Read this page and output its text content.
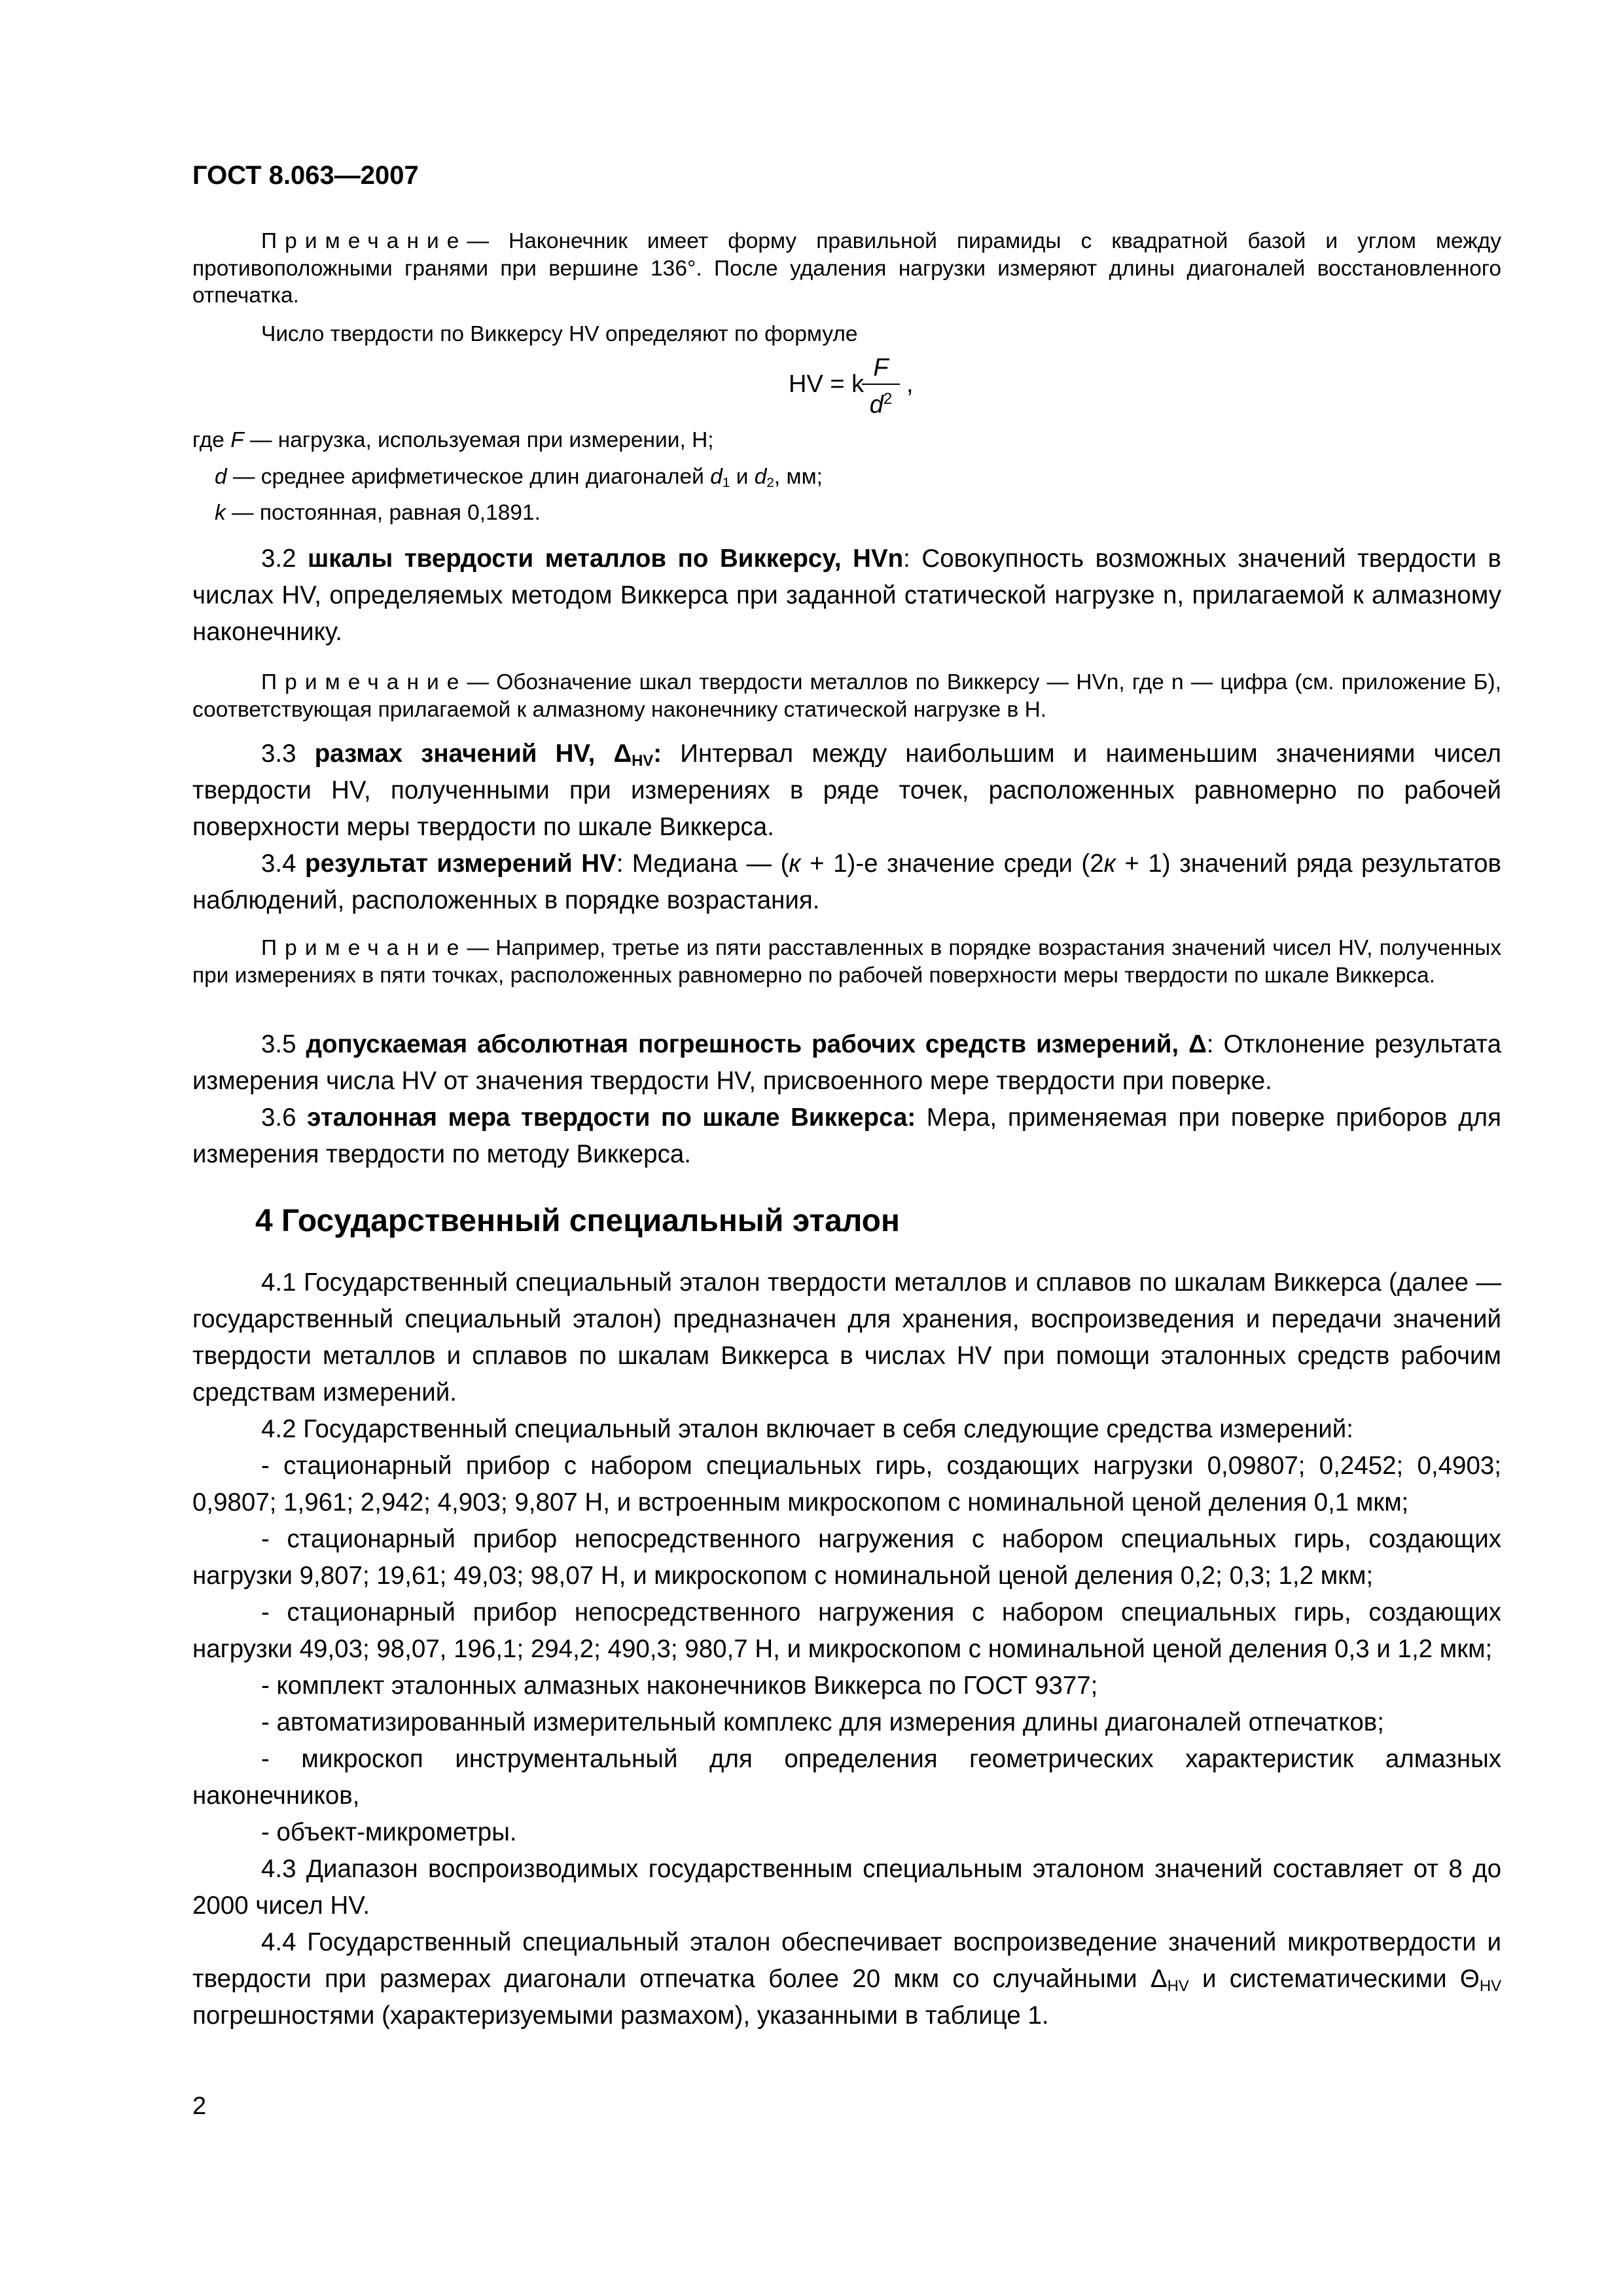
ГОСТ 8.063—2007

Примечание— Наконечник имеет форму правильной пирамиды с квадратной базой и углом между противоположными гранями при вершине 136°. После удаления нагрузки измеряют длины диагоналей восстановленного отпечатка.

Число твердости по Виккерсу HV определяют по формуле

HV = k
F
$d^2$
,

где F — нагрузка, используемая при измерении, Н;

d — среднее арифметическое длин диагоналей $d_1$ и $d_2$, мм;

k — постоянная, равная 0,1891.

3.2 шкалы твердости металлов по Виккерсу, HVn: Совокупность возможных значений твердости в числах HV, определяемых методом Виккерса при заданной статической нагрузке n, прилагаемой к алмазному наконечнику.

Примечание— Обозначение шкал твердости металлов по Виккерсу — HVn, где n — цифра (см. приложение Б), соответствующая прилагаемой к алмазному наконечнику статической нагрузке в Н.

3.3 размах значений HV, $\Delta_{HV}$: Интервал между наибольшим и наименьшим значениями чисел твердости HV, полученными при измерениях в ряде точек, расположенных равномерно по рабочей поверхности меры твердости по шкале Виккерса.

3.4 результат измерений HV: Медиана — (к + 1)-е значение среди (2к + 1) значений ряда результатов наблюдений, расположенных в порядке возрастания.

Примечание— Например, третье из пяти расставленных в порядке возрастания значений чисел HV, полученных при измерениях в пяти точках, расположенных равномерно по рабочей поверхности меры твердости по шкале Виккерса.

3.5 допускаемая абсолютная погрешность рабочих средств измерений, Δ: Отклонение результата измерения числа HV от значения твердости HV, присвоенного мере твердости при поверке.

3.6 эталонная мера твердости по шкале Виккерса: Мера, применяемая при поверке приборов для измерения твердости по методу Виккерса.

4 Государственный специальный эталон

4.1 Государственный специальный эталон твердости металлов и сплавов по шкалам Виккерса (далее — государственный специальный эталон) предназначен для хранения, воспроизведения и передачи значений твердости металлов и сплавов по шкалам Виккерса в числах HV при помощи эталонных средств рабочим средствам измерений.

4.2 Государственный специальный эталон включает в себя следующие средства измерений:

- стационарный прибор с набором специальных гирь, создающих нагрузки 0,09807; 0,2452; 0,4903; 0,9807; 1,961; 2,942; 4,903; 9,807 Н, и встроенным микроскопом с номинальной ценой деления 0,1 мкм;

- стационарный прибор непосредственного нагружения с набором специальных гирь, создающих нагрузки 9,807; 19,61; 49,03; 98,07 Н, и микроскопом с номинальной ценой деления 0,2; 0,3; 1,2 мкм;

- стационарный прибор непосредственного нагружения с набором специальных гирь, создающих нагрузки 49,03; 98,07, 196,1; 294,2; 490,3; 980,7 Н, и микроскопом с номинальной ценой деления 0,3 и 1,2 мкм;

- комплект эталонных алмазных наконечников Виккерса по ГОСТ 9377;

- автоматизированный измерительный комплекс для измерения длины диагоналей отпечатков;

- микроскоп инструментальный для определения геометрических характеристик алмазных наконечников,

- объект-микрометры.

4.3 Диапазон воспроизводимых государственным специальным эталоном значений составляет от 8 до 2000 чисел HV.

4.4 Государственный специальный эталон обеспечивает воспроизведение значений микротвердости и твердости при размерах диагонали отпечатка более 20 мкм со случайными $\Delta_{HV}$ и систематическими $\Theta_{HV}$ погрешностями (характеризуемыми размахом), указанными в таблице 1.

2
